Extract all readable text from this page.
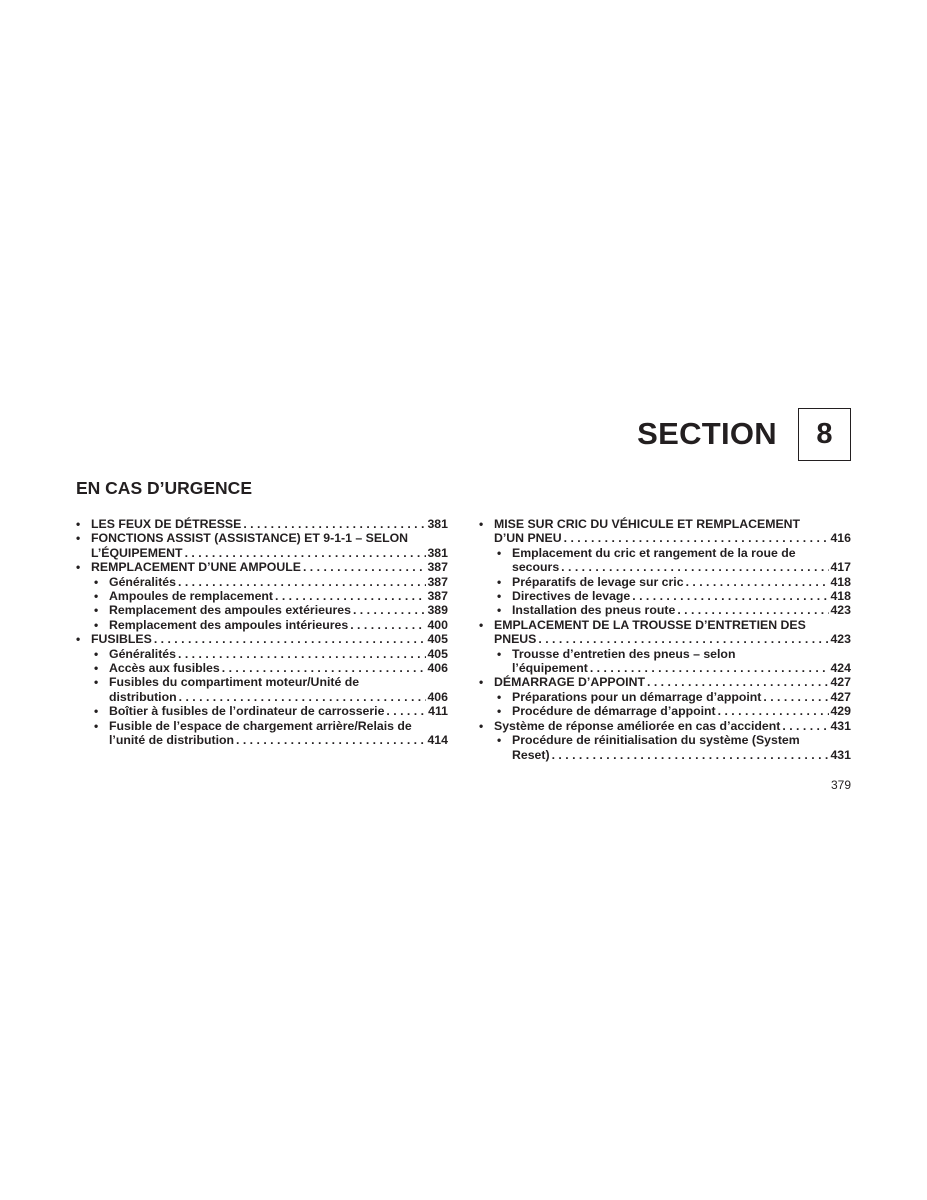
SECTION	8
EN CAS D’URGENCE
• LES FEUX DE DÉTRESSE . . .	381
• FONCTIONS ASSIST (ASSISTANCE) ET 9-1-1 – SELON
L’ÉQUIPEMENT . . .	381
• REMPLACEMENT D’UNE AMPOULE . . .	387
• Généralités . . .	387
• Ampoules de remplacement . . .	387
• Remplacement des ampoules extérieures . . .	389
• Remplacement des ampoules intérieures . . .	400
• FUSIBLES . . .	405
• Généralités . . .	405
• Accès aux fusibles . . .	406
• Fusibles du compartiment moteur/Unité de
distribution . . .	406
• Boîtier à fusibles de l’ordinateur de carrosserie . . .	411
• Fusible de l’espace de chargement arrière/Relais de
l’unité de distribution . . .	414
• MISE SUR CRIC DU VÉHICULE ET REMPLACEMENT
D’UN PNEU . . .	416
• Emplacement du cric et rangement de la roue de
secours . . .	417
• Préparatifs de levage sur cric . . .	418
• Directives de levage . . .	418
• Installation des pneus route . . .	423
• EMPLACEMENT DE LA TROUSSE D’ENTRETIEN DES
PNEUS . . .	423
• Trousse d’entretien des pneus – selon
l’équipement . . .	424
• DÉMARRAGE D’APPOINT . . .	427
• Préparations pour un démarrage d’appoint . . .	427
• Procédure de démarrage d’appoint . . .	429
• Système de réponse améliorée en cas d’accident . . .	431
• Procédure de réinitialisation du système (System
Reset) . . .	431
379
